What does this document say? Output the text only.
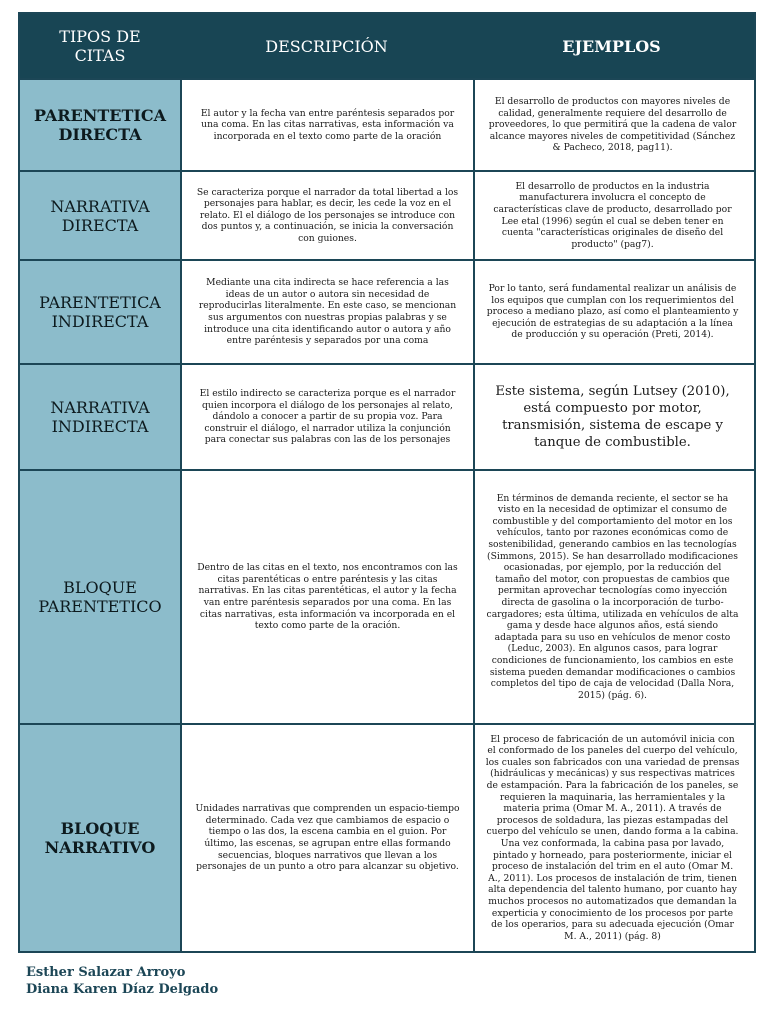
TIPOS DE CITAS	DESCRIPCIÓN	EJEMPLOS
PARENTETICA DIRECTA
El autor y la fecha van entre paréntesis separados por una coma. En las citas narrativas, esta información va incorporada en el texto como parte de la oración
El desarrollo de productos con mayores niveles de calidad, generalmente requiere del desarrollo de proveedores, lo que permitirá que la cadena de valor alcance mayores niveles de competitividad (Sánchez & Pacheco, 2018, pag11).
NARRATIVA DIRECTA
Se caracteriza porque el narrador da total libertad a los personajes para hablar, es decir, les cede la voz en el relato. El el diálogo de los personajes se introduce con dos puntos y, a continuación, se inicia la conversación con guiones.
El desarrollo de productos en la industria manufacturera involucra el concepto de características clave de producto, desarrollado por Lee etal (1996) según el cual se deben tener en cuenta "características originales de diseño del producto" (pag7).
PARENTETICA INDIRECTA
Mediante una cita indirecta se hace referencia a las ideas de un autor o autora sin necesidad de reproducirlas literalmente. En este caso, se mencionan sus argumentos con nuestras propias palabras y se introduce una cita identificando autor o autora y año entre paréntesis y separados por una coma
Por lo tanto, será fundamental realizar un análisis de los equipos que cumplan con los requerimientos del proceso a mediano plazo, así como el planteamiento y ejecución de estrategias de su adaptación a la línea de producción y su operación (Preti, 2014).
NARRATIVA INDIRECTA
El estilo indirecto se caracteriza porque es el narrador quien incorpora el diálogo de los personajes al relato, dándolo a conocer a partir de su propia voz. Para construir el diálogo, el narrador utiliza la conjunción para conectar sus palabras con las de los personajes
Este sistema, según Lutsey (2010), está compuesto por motor, transmisión, sistema de escape y tanque de combustible.
BLOQUE PARENTETICO
Dentro de las citas en el texto, nos encontramos con las citas parentéticas o entre paréntesis y las citas narrativas. En las citas parentéticas, el autor y la fecha van entre paréntesis separados por una coma. En las citas narrativas, esta información va incorporada en el texto como parte de la oración.
En términos de demanda reciente, el sector se ha visto en la necesidad de optimizar el consumo de combustible y del comportamiento del motor en los vehículos, tanto por razones económicas como de sostenibilidad, generando cambios en las tecnologías (Simmons, 2015). Se han desarrollado modificaciones ocasionadas, por ejemplo, por la reducción del tamaño del motor, con propuestas de cambios que permitan aprovechar tecnologías como inyección directa de gasolina o la incorporación de turbo-cargadores; esta última, utilizada en vehículos de alta gama y desde hace algunos años, está siendo adaptada para su uso en vehículos de menor costo (Leduc, 2003). En algunos casos, para lograr condiciones de funcionamiento, los cambios en este sistema pueden demandar modificaciones o cambios completos del tipo de caja de velocidad (Dalla Nora, 2015) (pág. 6).
BLOQUE NARRATIVO
Unidades narrativas que comprenden un espacio-tiempo determinado. Cada vez que cambiamos de espacio o tiempo o las dos, la escena cambia en el guion. Por último, las escenas, se agrupan entre ellas formando secuencias, bloques narrativos que llevan a los personajes de un punto a otro para alcanzar su objetivo.
El proceso de fabricación de un automóvil inicia con el conformado de los paneles del cuerpo del vehículo, los cuales son fabricados con una variedad de prensas (hidráulicas y mecánicas) y sus respectivas matrices de estampación. Para la fabricación de los paneles, se requieren la maquinaria, las herramientales y la materia prima (Omar M. A., 2011). A través de procesos de soldadura, las piezas estampadas del cuerpo del vehículo se unen, dando forma a la cabina. Una vez conformada, la cabina pasa por lavado, pintado y horneado, para posteriormente, iniciar el proceso de instalación del trim en el auto (Omar M. A., 2011). Los procesos de instalación de trim, tienen alta dependencia del talento humano, por cuanto hay muchos procesos no automatizados que demandan la experticia y conocimiento de los procesos por parte de los operarios, para su adecuada ejecución (Omar M. A., 2011) (pág. 8)
Esther Salazar Arroyo
Diana Karen Díaz Delgado
